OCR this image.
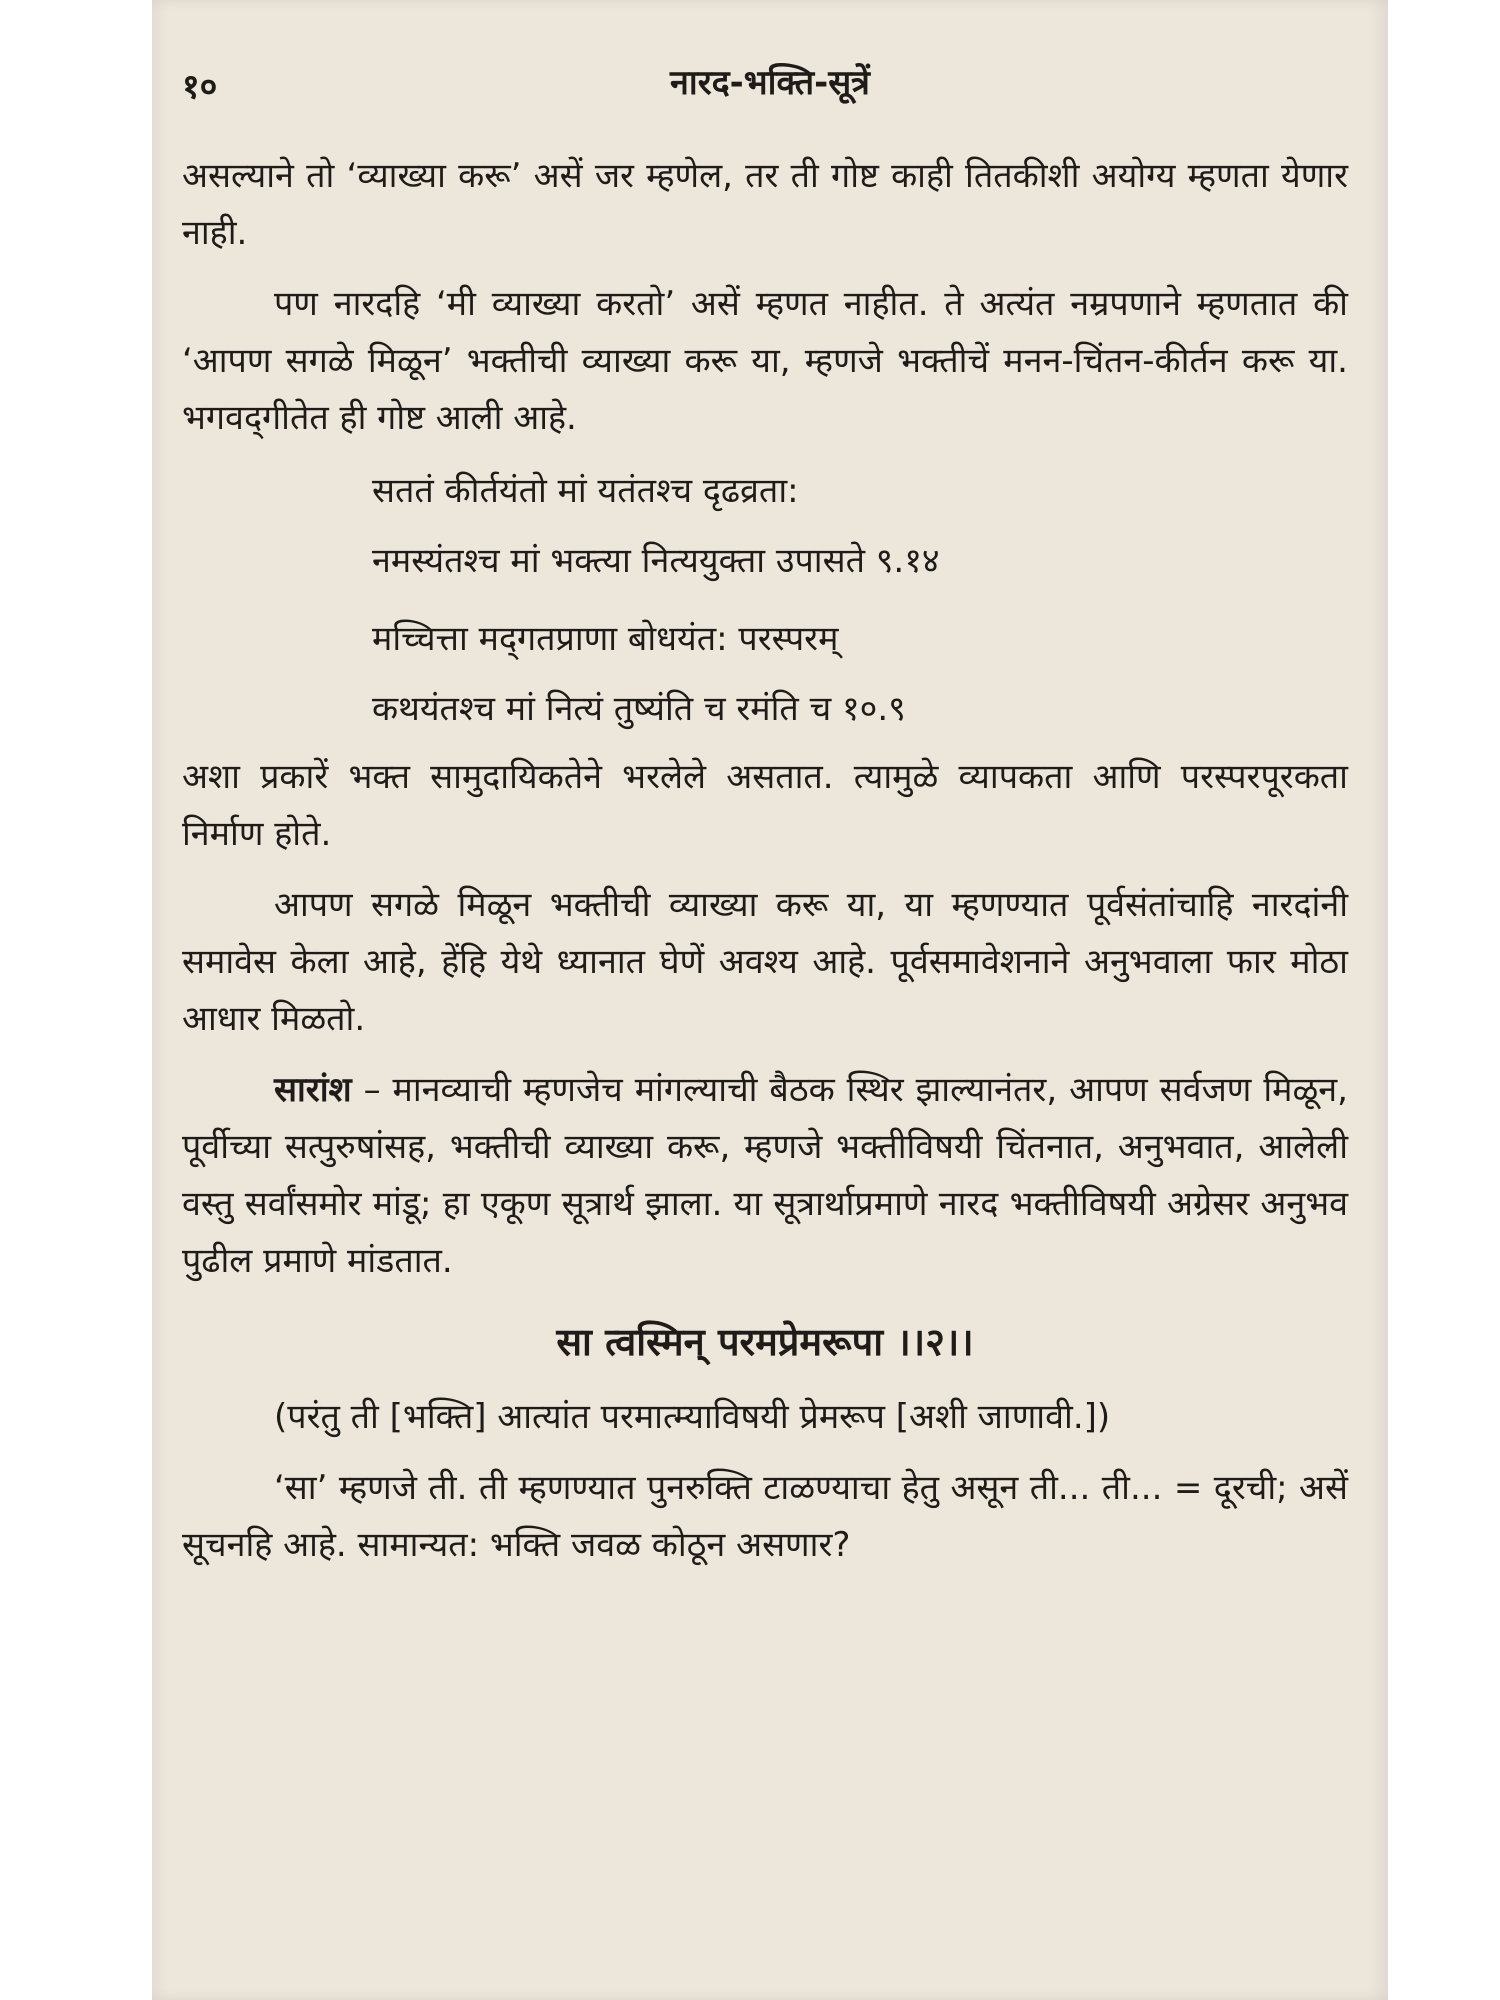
१०	नारद-भक्ति-सूत्रें

असल्याने तो ‘व्याख्या करू’ असें जर म्हणेल, तर ती गोष्ट काही तितकीशी अयोग्य म्हणता येणार नाही.

पण नारदहि ‘मी व्याख्या करतो’ असें म्हणत नाहीत. ते अत्यंत नम्रपणाने म्हणतात की ‘आपण सगळे मिळून’ भक्तीची व्याख्या करू या, म्हणजे भक्तीचें मनन-चिंतन-कीर्तन करू या. भगवद्‌गीतेत ही गोष्ट आली आहे.

सततं कीर्तयंतो मां यतंतश्च दृढव्रता:
नमस्यंतश्च मां भक्त्या नित्ययुक्ता उपासते ९.१४
मच्चित्ता मद्‌गतप्राणा बोधयंत: परस्परम्
कथयंतश्च मां नित्यं तुष्यंति च रमंति च १०.९

अशा प्रकारें भक्त सामुदायिकतेने भरलेले असतात. त्यामुळे व्यापकता आणि परस्परपूरकता निर्माण होते.

आपण सगळे मिळून भक्तीची व्याख्या करू या, या म्हणण्यात पूर्वसंतांचाहि नारदांनी समावेस केला आहे, हेंहि येथे ध्यानात घेणें अवश्य आहे. पूर्वसमावेशनाने अनुभवाला फार मोठा आधार मिळतो.

सारांश – मानव्याची म्हणजेच मांगल्याची बैठक स्थिर झाल्यानंतर, आपण सर्वजण मिळून, पूर्वीच्या सत्पुरुषांसह, भक्तीची व्याख्या करू, म्हणजे भक्तीविषयी चिंतनात, अनुभवात, आलेली वस्तु सर्वांसमोर मांडू; हा एकूण सूत्रार्थ झाला. या सूत्रार्थाप्रमाणे नारद भक्तीविषयी अग्रेसर अनुभव पुढील प्रमाणे मांडतात.

सा त्वस्मिन् परमप्रेमरूपा ।।२।।

(परंतु ती [भक्ति] आत्यांत परमात्म्याविषयी प्रेमरूप [अशी जाणावी.])

‘सा’ म्हणजे ती. ती म्हणण्यात पुनरुक्ति टाळण्याचा हेतु असून ती... ती... = दूरची; असें सूचनहि आहे. सामान्यत: भक्ति जवळ कोठून असणार?
